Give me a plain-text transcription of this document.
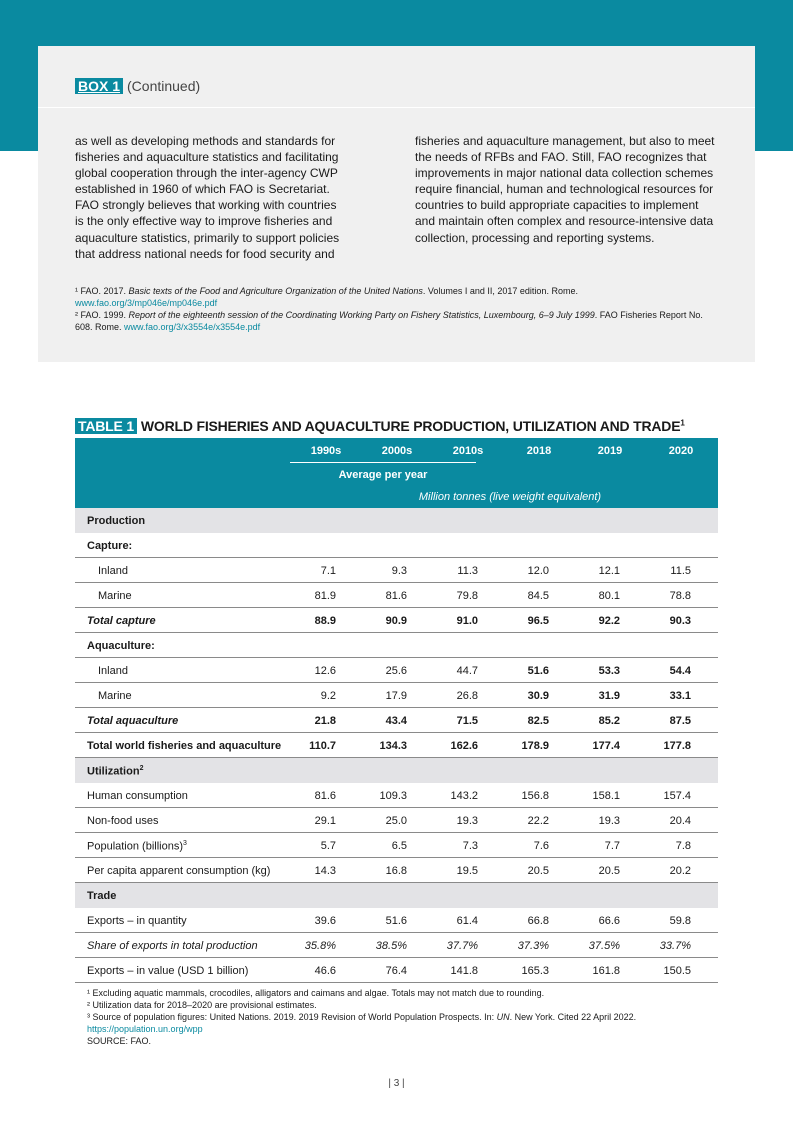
BOX 1 (Continued)
as well as developing methods and standards for fisheries and aquaculture statistics and facilitating global cooperation through the inter-agency CWP established in 1960 of which FAO is Secretariat. FAO strongly believes that working with countries is the only effective way to improve fisheries and aquaculture statistics, primarily to support policies that address national needs for food security and
fisheries and aquaculture management, but also to meet the needs of RFBs and FAO. Still, FAO recognizes that improvements in major national data collection schemes require financial, human and technological resources for countries to build appropriate capacities to implement and maintain often complex and resource-intensive data collection, processing and reporting systems.
¹ FAO. 2017. Basic texts of the Food and Agriculture Organization of the United Nations. Volumes I and II, 2017 edition. Rome. www.fao.org/3/mp046e/mp046e.pdf
² FAO. 1999. Report of the eighteenth session of the Coordinating Working Party on Fishery Statistics, Luxembourg, 6–9 July 1999. FAO Fisheries Report No. 608. Rome. www.fao.org/3/x3554e/x3554e.pdf
TABLE 1 WORLD FISHERIES AND AQUACULTURE PRODUCTION, UTILIZATION AND TRADE$^1$
1990s	2000s	2010s	2018	2019	2020
Average per year
Million tonnes (live weight equivalent)
Production
Capture:
Inland	7.1	9.3	11.3	12.0	12.1	11.5
Marine	81.9	81.6	79.8	84.5	80.1	78.8
Total capture	88.9	90.9	91.0	96.5	92.2	90.3
Aquaculture:
Inland	12.6	25.6	44.7	51.6	53.3	54.4
Marine	9.2	17.9	26.8	30.9	31.9	33.1
Total aquaculture	21.8	43.4	71.5	82.5	85.2	87.5
Total world fisheries and aquaculture	110.7	134.3	162.6	178.9	177.4	177.8
Utilization$^2$
Human consumption	81.6	109.3	143.2	156.8	158.1	157.4
Non-food uses	29.1	25.0	19.3	22.2	19.3	20.4
Population (billions)$^3$	5.7	6.5	7.3	7.6	7.7	7.8
Per capita apparent consumption (kg)	14.3	16.8	19.5	20.5	20.5	20.2
Trade
Exports – in quantity	39.6	51.6	61.4	66.8	66.6	59.8
Share of exports in total production	35.8%	38.5%	37.7%	37.3%	37.5%	33.7%
Exports – in value (USD 1 billion)	46.6	76.4	141.8	165.3	161.8	150.5
¹ Excluding aquatic mammals, crocodiles, alligators and caimans and algae. Totals may not match due to rounding.
² Utilization data for 2018–2020 are provisional estimates.
³ Source of population figures: United Nations. 2019. 2019 Revision of World Population Prospects. In: UN. New York. Cited 22 April 2022.
https://population.un.org/wpp
SOURCE: FAO.
| 3 |
